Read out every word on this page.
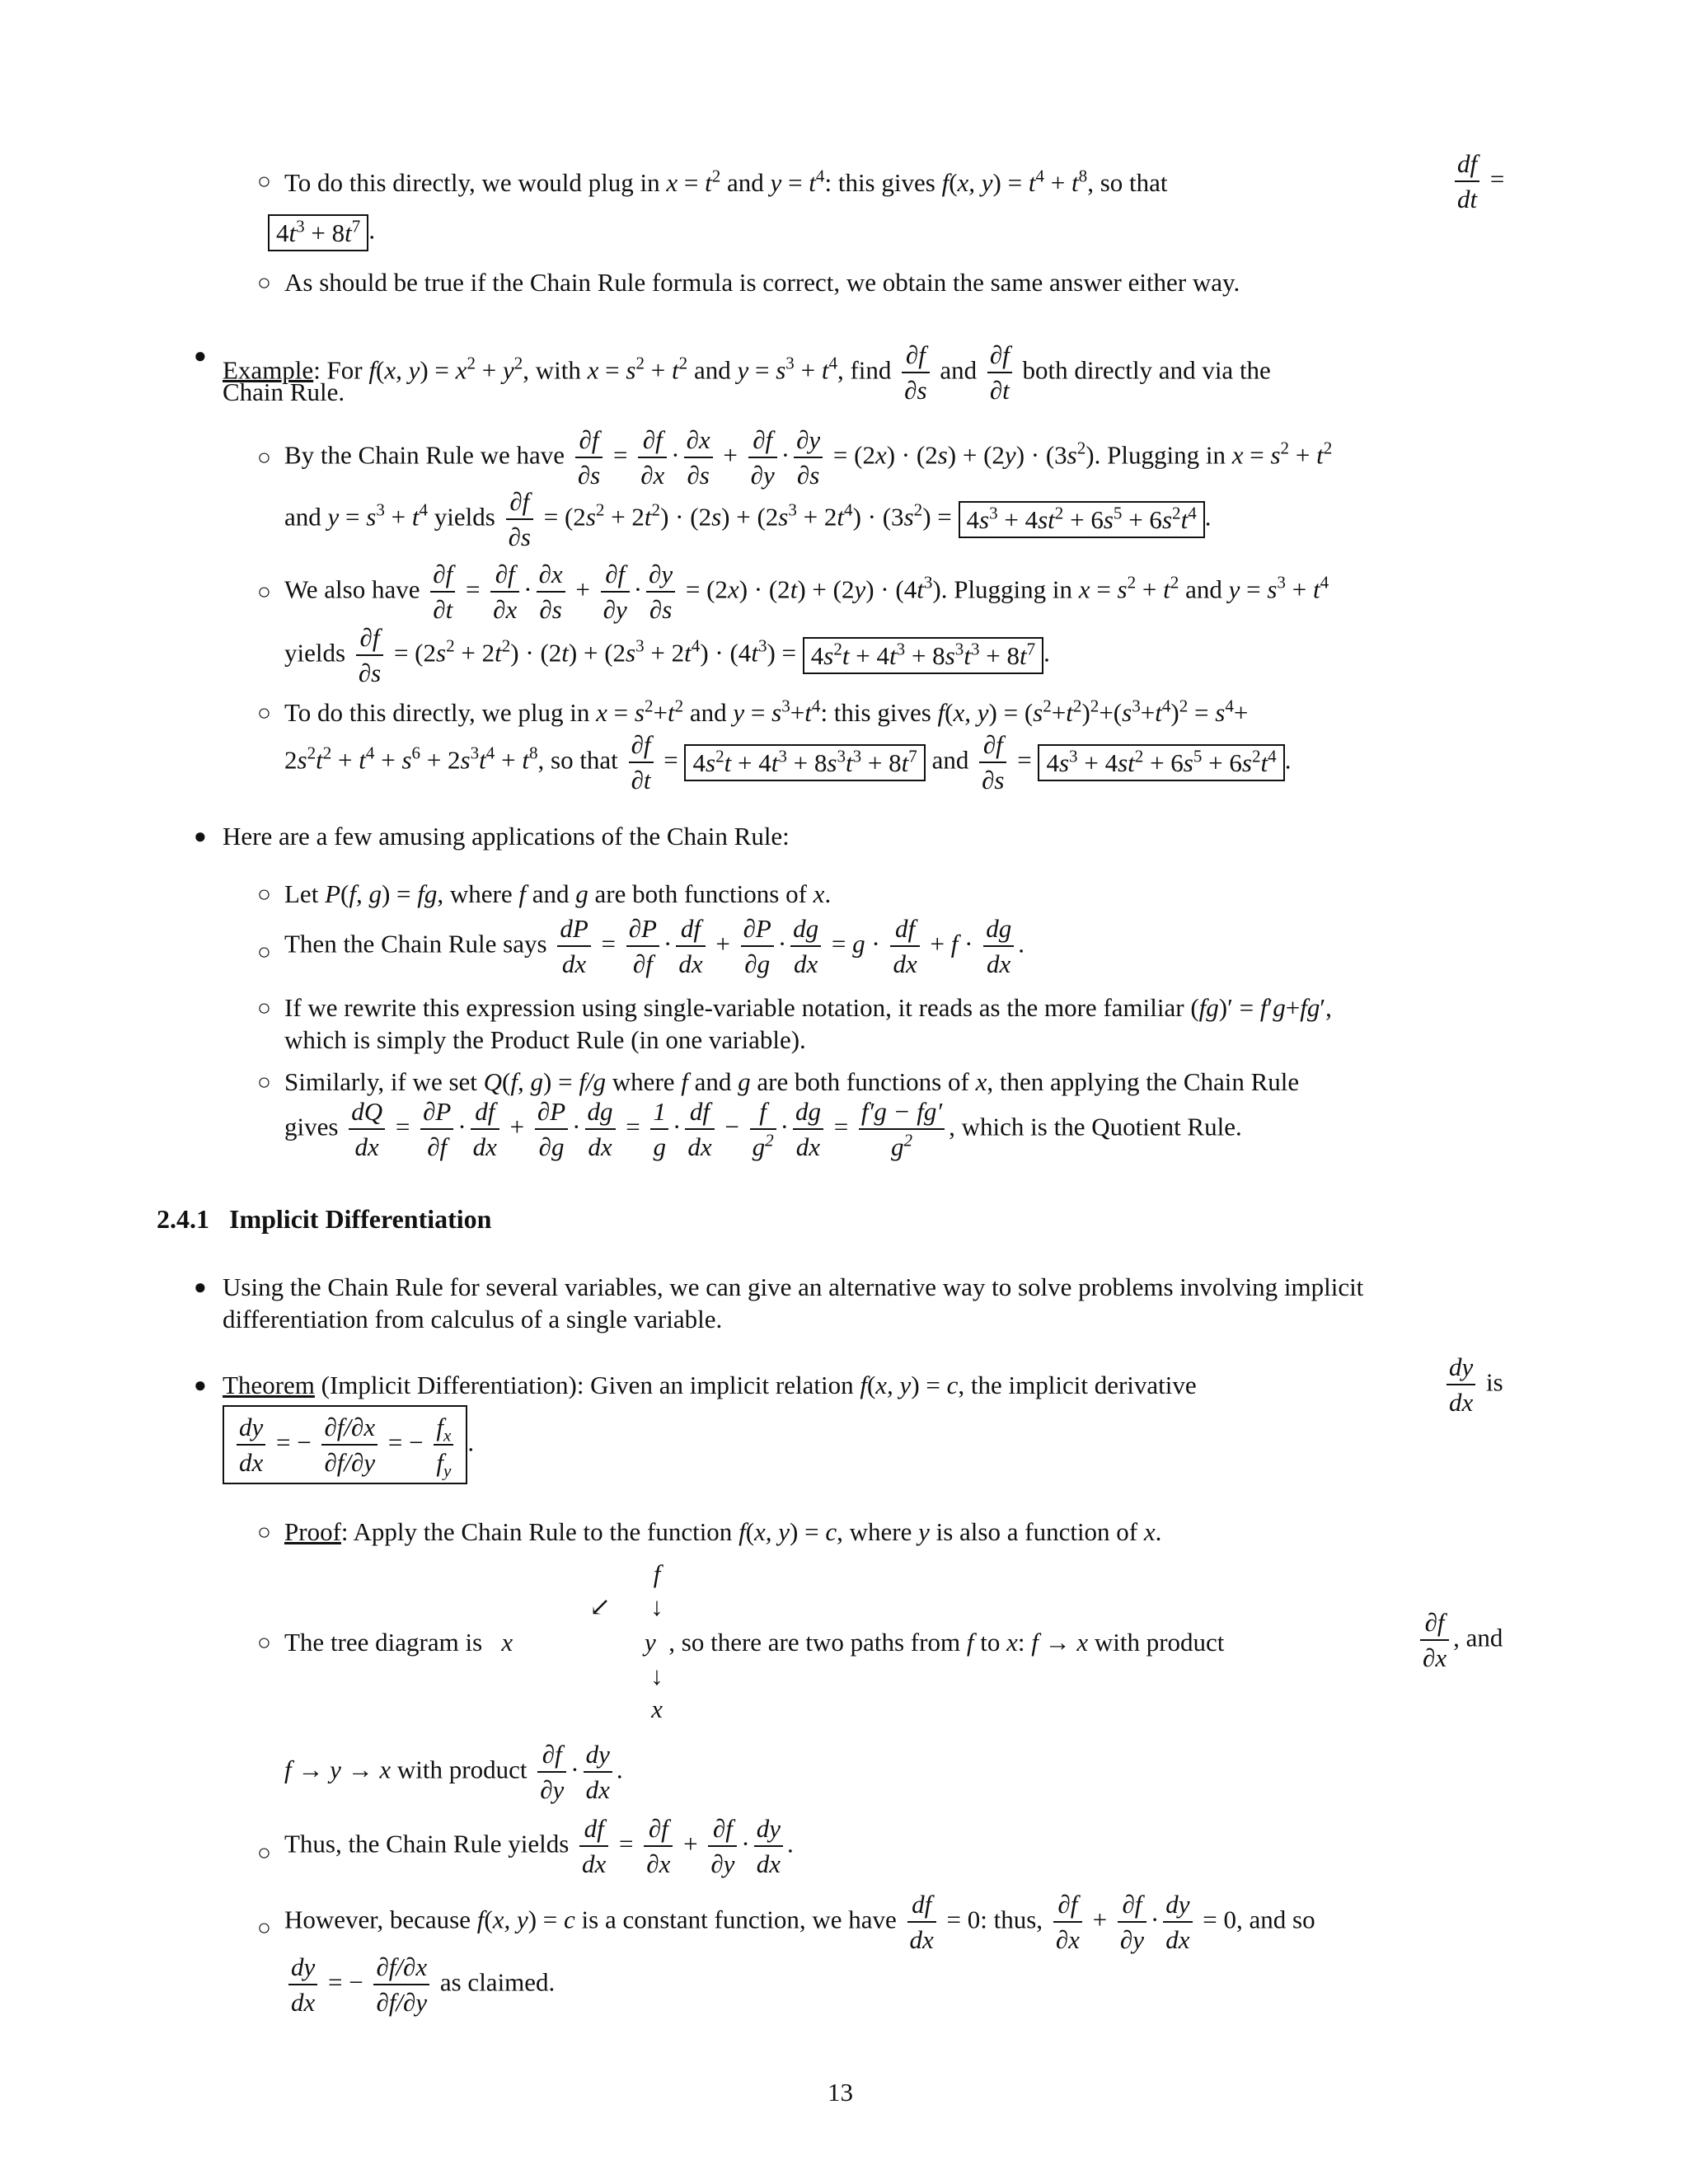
○ To do this directly, we would plug in $x = t^2$ and $y = t^4$: this gives f(x, $y) = t^4 + t^8$, so that	$\frac{df}{dt}$ =
$4t^3 + 8t^7$ .
○ As should be true if the Chain Rule formula is correct, we obtain the same answer either way.
● Example: For f(x, $y) = x^2 + y^2$, with $x = s^2 + t^2$ and $y = s^3 + t^4$, find $\frac{\partial f}{\partial s}$ and $\frac{\partial f}{\partial t}$ both directly and via the
Chain Rule.
○ By the Chain Rule we have $\frac{\partial f}{\partial s} = \frac{\partial f}{\partial x} \cdot \frac{\partial x}{\partial s} + \frac{\partial f}{\partial y} \cdot \frac{\partial y}{\partial s} = (2x) \cdot (2s) + (2y) \cdot (3s^2)$. Plugging in $x = s^2 + t^2$
and $y = s^3 + t^4$ yields $\frac{\partial f}{\partial s} = (2s^2 + 2t^2) \cdot (2s) + (2s^3 + 2t^4) \cdot (3s^2) = 4s^3 + 4st^2 + 6s^5 + 6s^2t^4$ .
○ We also have $\frac{\partial f}{\partial t} = \frac{\partial f}{\partial x} \cdot \frac{\partial x}{\partial s} + \frac{\partial f}{\partial y} \cdot \frac{\partial y}{\partial s} = (2x) \cdot (2t) + (2y) \cdot (4t^3)$. Plugging in $x = s^2 + t^2$ and $y = s^3 + t^4$
yields $\frac{\partial f}{\partial s} = (2s^2 + 2t^2) \cdot (2t) + (2s^3 + 2t^4) \cdot (4t^3) = 4s^2t + 4t^3 + 8s^3t^3 + 8t^7$ .
○ To do this directly, we plug in $x = s^2+t^2$ and $y = s^3+t^4$: this gives f(x, $y) = (s^2+t^2)^2+(s^3+t^4)^2 = s^4+$
$2s^2t^2 + t^4 + s^6 + 2s^3t^4 + t^8$, so that $\frac{\partial f}{\partial t} = 4s^2t + 4t^3 + 8s^3t^3 + 8t^7$ and $\frac{\partial f}{\partial s} = 4s^3 + 4st^2 + 6s^5 + 6s^2t^4$ .
● Here are a few amusing applications of the Chain Rule:
○ Let P(f, g) = fg, where f and g are both functions of x.
○ Then the Chain Rule says $\frac{dP}{dx} = \frac{\partial P}{\partial f} \cdot \frac{df}{dx} + \frac{\partial P}{\partial g} \cdot \frac{dg}{dx} = g \cdot \frac{df}{dx} + f \cdot \frac{dg}{dx}$ .
○ If we rewrite this expression using single-variable notation, it reads as the more familiar (fg)′ = f′g+fg′,
which is simply the Product Rule (in one variable).
○ Similarly, if we set Q(f, g) = f/g where f and g are both functions of x, then applying the Chain Rule
gives $\frac{dQ}{dx} = \frac{\partial P}{\partial f} \cdot \frac{df}{dx} + \frac{\partial P}{\partial g} \cdot \frac{dg}{dx} = \frac{1}{g} \cdot \frac{df}{dx} - \frac{f}{g^2} \cdot \frac{dg}{dx} = \frac{f'g - fg'}{g^2}$ , which is the Quotient Rule.
2.4.1 Implicit Differentiation
● Using the Chain Rule for several variables, we can give an alternative way to solve problems involving implicit
differentiation from calculus of a single variable.
● Theorem (Implicit Differentiation): Given an implicit relation f(x, y) = c, the implicit derivative	$\frac{dy}{dx}$ is
$\frac{dy}{dx}$ = − $\frac{\partial f/\partial x}{\partial f/\partial y}$ = − $\frac{f_x}{f_y}$ .
○ Proof: Apply the Chain Rule to the function f(x, y) = c, where y is also a function of x.
f
↙ ↓
○ The tree diagram is x	y , so there are two paths from f to x: f → x with product	$\frac{\partial f}{\partial x}$ , and
↓
x
f → y → x with product $\frac{\partial f}{\partial y} \cdot \frac{dy}{dx}$ .
○ Thus, the Chain Rule yields $\frac{df}{dx} = \frac{\partial f}{\partial x} + \frac{\partial f}{\partial y} \cdot \frac{dy}{dx}$ .
○ However, because f(x, y) = c is a constant function, we have $\frac{df}{dx} = 0$: thus, $\frac{\partial f}{\partial x} + \frac{\partial f}{\partial y} \cdot \frac{dy}{dx} = 0$, and so
$\frac{dy}{dx}$ = − $\frac{\partial f/\partial x}{\partial f/\partial y}$ as claimed.
13
